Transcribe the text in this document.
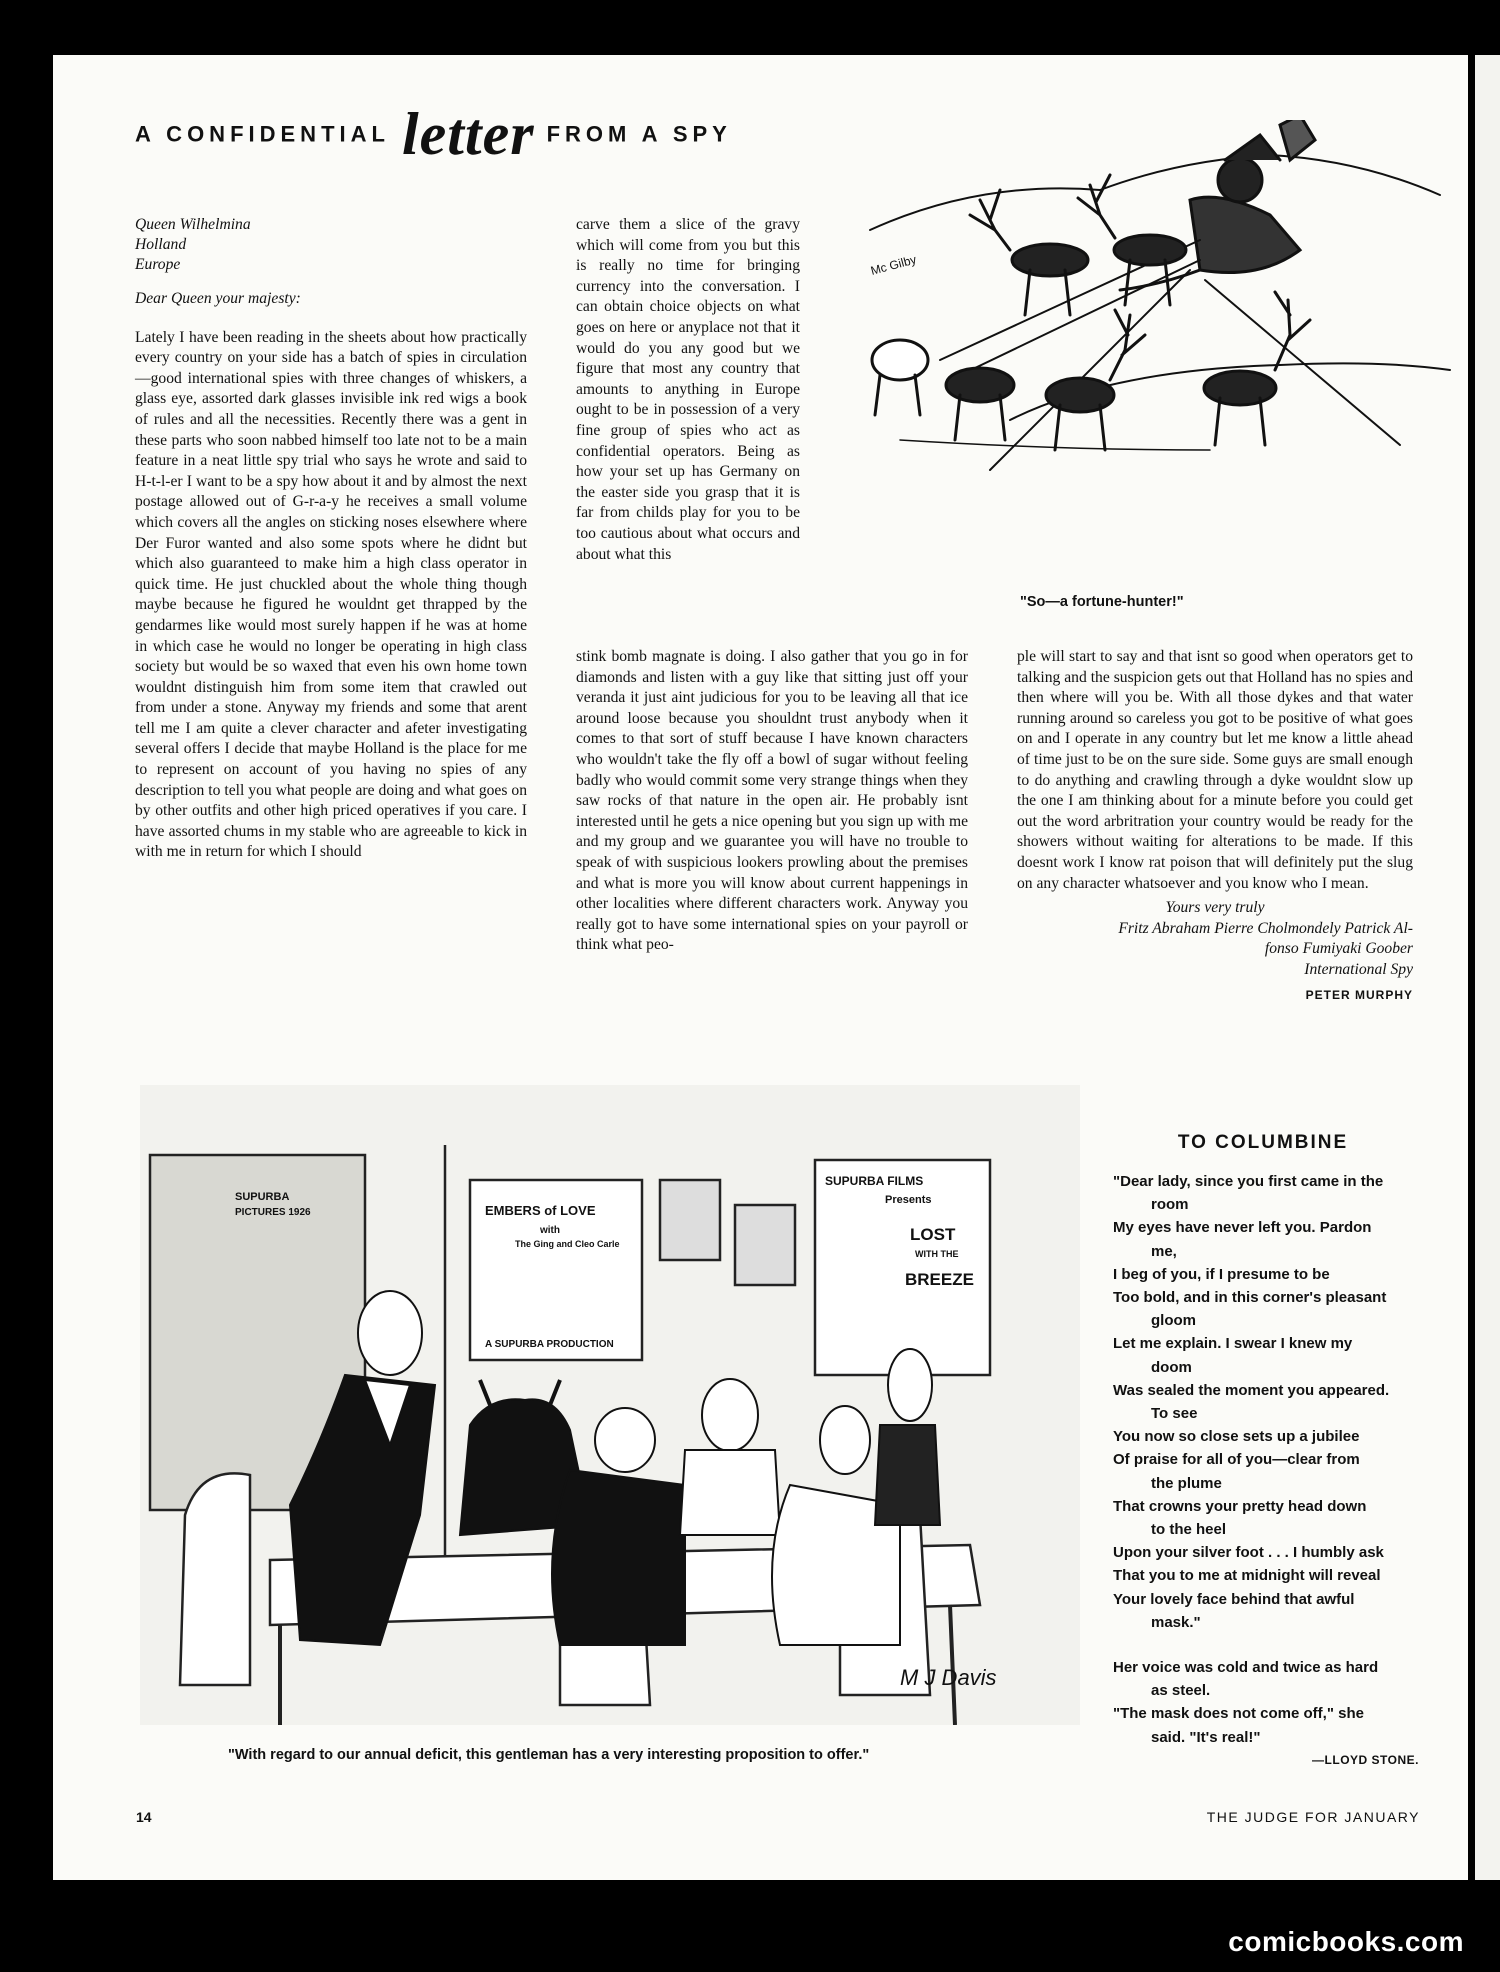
A CONFIDENTIAL letter FROM A SPY

Queen Wilhelmina

Holland

Europe

Dear Queen your majesty:

Lately I have been reading in the sheets about how practically every country on your side has a batch of spies in circulation—good international spies with three changes of whiskers, a glass eye, assorted dark glasses invisible ink red wigs a book of rules and all the necessities. Recently there was a gent in these parts who soon nabbed himself too late not to be a main feature in a neat little spy trial who says he wrote and said to H-t-l-er I want to be a spy how about it and by almost the next postage allowed out of G-r-a-y he receives a small volume which covers all the angles on sticking noses elsewhere where Der Furor wanted and also some spots where he didnt but which also guaranteed to make him a high class operator in quick time. He just chuckled about the whole thing though maybe because he figured he wouldnt get thrapped by the gendarmes like would most surely happen if he was at home in which case he would no longer be operating in high class society but would be so waxed that even his own home town wouldnt distinguish him from some item that crawled out from under a stone. Anyway my friends and some that arent tell me I am quite a clever character and afeter investigating several offers I decide that maybe Holland is the place for me to represent on account of you having no spies of any description to tell you what people are doing and what goes on by other outfits and other high priced operatives if you care. I have assorted chums in my stable who are agreeable to kick in with me in return for which I should

carve them a slice of the gravy which will come from you but this is really no time for bringing currency into the conversation. I can obtain choice objects on what goes on here or anyplace not that it would do you any good but we figure that most any country that amounts to anything in Europe ought to be in possession of a very fine group of spies who act as confidential operators. Being as how your set up has Germany on the easter side you grasp that it is far from childs play for you to be too cautious about what occurs and about what this

stink bomb magnate is doing. I also gather that you go in for diamonds and listen with a guy like that sitting just off your veranda it just aint judicious for you to be leaving all that ice around loose because you shouldnt trust anybody when it comes to that sort of stuff because I have known characters who wouldn't take the fly off a bowl of sugar without feeling badly who would commit some very strange things when they saw rocks of that nature in the open air. He probably isnt interested until he gets a nice opening but you sign up with me and my group and we guarantee you will have no trouble to speak of with suspicious lookers prowling about the premises and what is more you will know about current happenings in other localities where different characters work. Anyway you really got to have some international spies on your payroll or think what peo-

ple will start to say and that isnt so good when operators get to talking and the suspicion gets out that Holland has no spies and then where will you be. With all those dykes and that water running around so careless you got to be positive of what goes on and I operate in any country but let me know a little ahead of time just to be on the sure side. Some guys are small enough to do anything and crawling through a dyke wouldnt slow up the one I am thinking about for a minute before you could get out the word arbritration your country would be ready for the showers without waiting for alterations to be made. If this doesnt work I know rat poison that will definitely put the slug on any character whatsoever and you know who I mean.

Yours very truly

Fritz Abraham Pierre Cholmondely Patrick Al-

fonso Fumiyaki Goober

International Spy

PETER MURPHY

Mc Gilby
"So—a fortune-hunter!"
EMBERS of LOVE
with
The Ging and Cleo Carle
A SUPURBA PRODUCTION
SUPURBA FILMS
Presents
LOST
WITH THE
BREEZE
SUPURBA
PICTURES 1926
M J Davis
"With regard to our annual deficit, this gentleman has a very interesting proposition to offer."
TO COLUMBINE
"Dear lady, since you first came in the
room
My eyes have never left you. Pardon
me,
I beg of you, if I presume to be
Too bold, and in this corner's pleasant
gloom
Let me explain. I swear I knew my
doom
Was sealed the moment you appeared.
To see
You now so close sets up a jubilee
Of praise for all of you—clear from
the plume
That crowns your pretty head down
to the heel
Upon your silver foot . . . I humbly ask
That you to me at midnight will reveal
Your lovely face behind that awful
mask."
Her voice was cold and twice as hard
as steel.
"The mask does not come off," she
said. "It's real!"
—LLOYD STONE.
14	THE JUDGE FOR JANUARY
comicbooks.com
